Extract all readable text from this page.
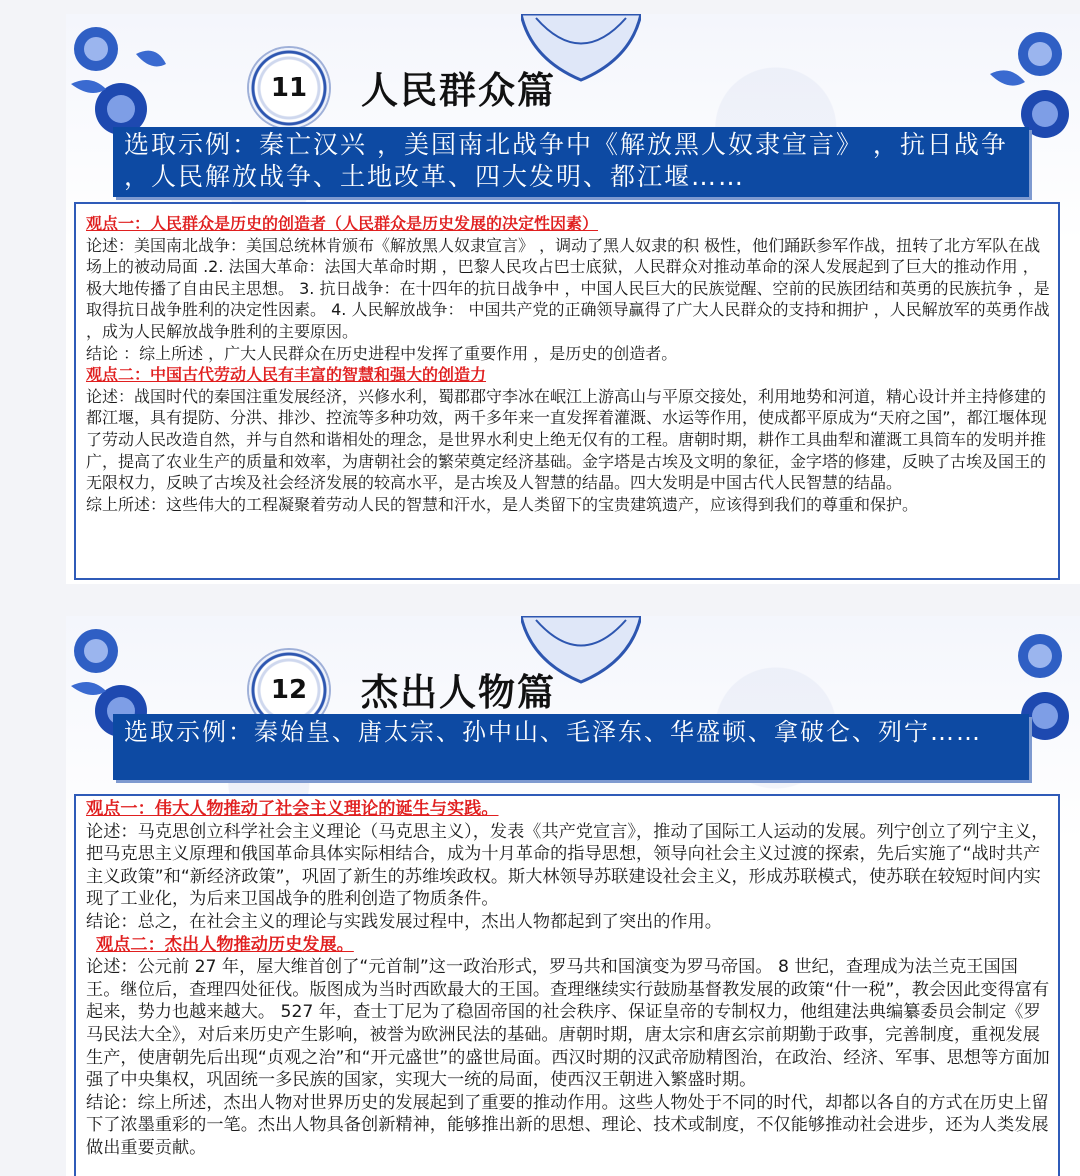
11	人民群众篇
选取示例：秦亡汉兴 ，美国南北战争中《解放黑人奴隶宣言》 ，抗日战争 ，人民解放战争、土地改革、四大发明、都江堰……

观点一：人民群众是历史的创造者（人民群众是历史发展的决定性因素）

论述：美国南北战争：美国总统林肯颁布《解放黑人奴隶宣言》 ，调动了黑人奴隶的积 极性，他们踊跃参军作战，扭转了北方军队在战场上的被动局面 .2. 法国大革命：法国大革命时期 ，巴黎人民攻占巴士底狱，人民群众对推动革命的深人发展起到了巨大的推动作用 ，极大地传播了自由民主思想。 3. 抗日战争：在十四年的抗日战争中 ，中国人民巨大的民族觉醒、空前的民族团结和英勇的民族抗争 ，是取得抗日战争胜利的决定性因素。 4. 人民解放战争： 中国共产党的正确领导赢得了广大人民群众的支持和拥护 ，人民解放军的英勇作战 ，成为人民解放战争胜利的主要原因。

结论 ：综上所述 ，广大人民群众在历史进程中发挥了重要作用 ，是历史的创造者。

观点二：中国古代劳动人民有丰富的智慧和强大的创造力

论述：战国时代的秦国注重发展经济，兴修水利，蜀郡郡守李冰在岷江上游高山与平原交接处，利用地势和河道，精心设计并主持修建的都江堰，具有提防、分洪、排沙、控流等多种功效，两千多年来一直发挥着灌溉、水运等作用，使成都平原成为“天府之国”，都江堰体现了劳动人民改造自然，并与自然和谐相处的理念，是世界水利史上绝无仅有的工程。唐朝时期，耕作工具曲犁和灌溉工具筒车的发明并推广，提高了农业生产的质量和效率，为唐朝社会的繁荣奠定经济基础。金字塔是古埃及文明的象征，金字塔的修建，反映了古埃及国王的无限权力，反映了古埃及社会经济发展的较高水平，是古埃及人智慧的结晶。四大发明是中国古代人民智慧的结晶。

综上所述：这些伟大的工程凝聚着劳动人民的智慧和汗水，是人类留下的宝贵建筑遗产，应该得到我们的尊重和保护。

12	杰出人物篇
选取示例：秦始皇、唐太宗、孙中山、毛泽东、华盛顿、拿破仑、列宁……

观点一：伟大人物推动了社会主义理论的诞生与实践。

论述：马克思创立科学社会主义理论（马克思主义），发表《共产党宣言》，推动了国际工人运动的发展。列宁创立了列宁主义，把马克思主义原理和俄国革命具体实际相结合，成为十月革命的指导思想，领导向社会主义过渡的探索，先后实施了“战时共产主义政策”和“新经济政策”，巩固了新生的苏维埃政权。斯大林领导苏联建设社会主义，形成苏联模式，使苏联在较短时间内实现了工业化，为后来卫国战争的胜利创造了物质条件。

结论：总之，在社会主义的理论与实践发展过程中，杰出人物都起到了突出的作用。

观点二：杰出人物推动历史发展。

论述：公元前 27 年，屋大维首创了“元首制”这一政治形式，罗马共和国演变为罗马帝国。 8 世纪，查理成为法兰克王国国王。继位后，查理四处征伐。版图成为当时西欧最大的王国。查理继续实行鼓励基督教发展的政策“什一税”，教会因此变得富有起来，势力也越来越大。 527 年，查士丁尼为了稳固帝国的社会秩序、保证皇帝的专制权力，他组建法典编纂委员会制定《罗马民法大全》，对后来历史产生影响，被誉为欧洲民法的基础。唐朝时期，唐太宗和唐玄宗前期勤于政事，完善制度，重视发展生产，使唐朝先后出现“贞观之治”和“开元盛世”的盛世局面。西汉时期的汉武帝励精图治，在政治、经济、军事、思想等方面加强了中央集权，巩固统一多民族的国家，实现大一统的局面，使西汉王朝进入繁盛时期。

结论：综上所述，杰出人物对世界历史的发展起到了重要的推动作用。这些人物处于不同的时代，却都以各自的方式在历史上留下了浓墨重彩的一笔。杰出人物具备创新精神，能够推出新的思想、理论、技术或制度，不仅能够推动社会进步，还为人类发展做出重要贡献。
